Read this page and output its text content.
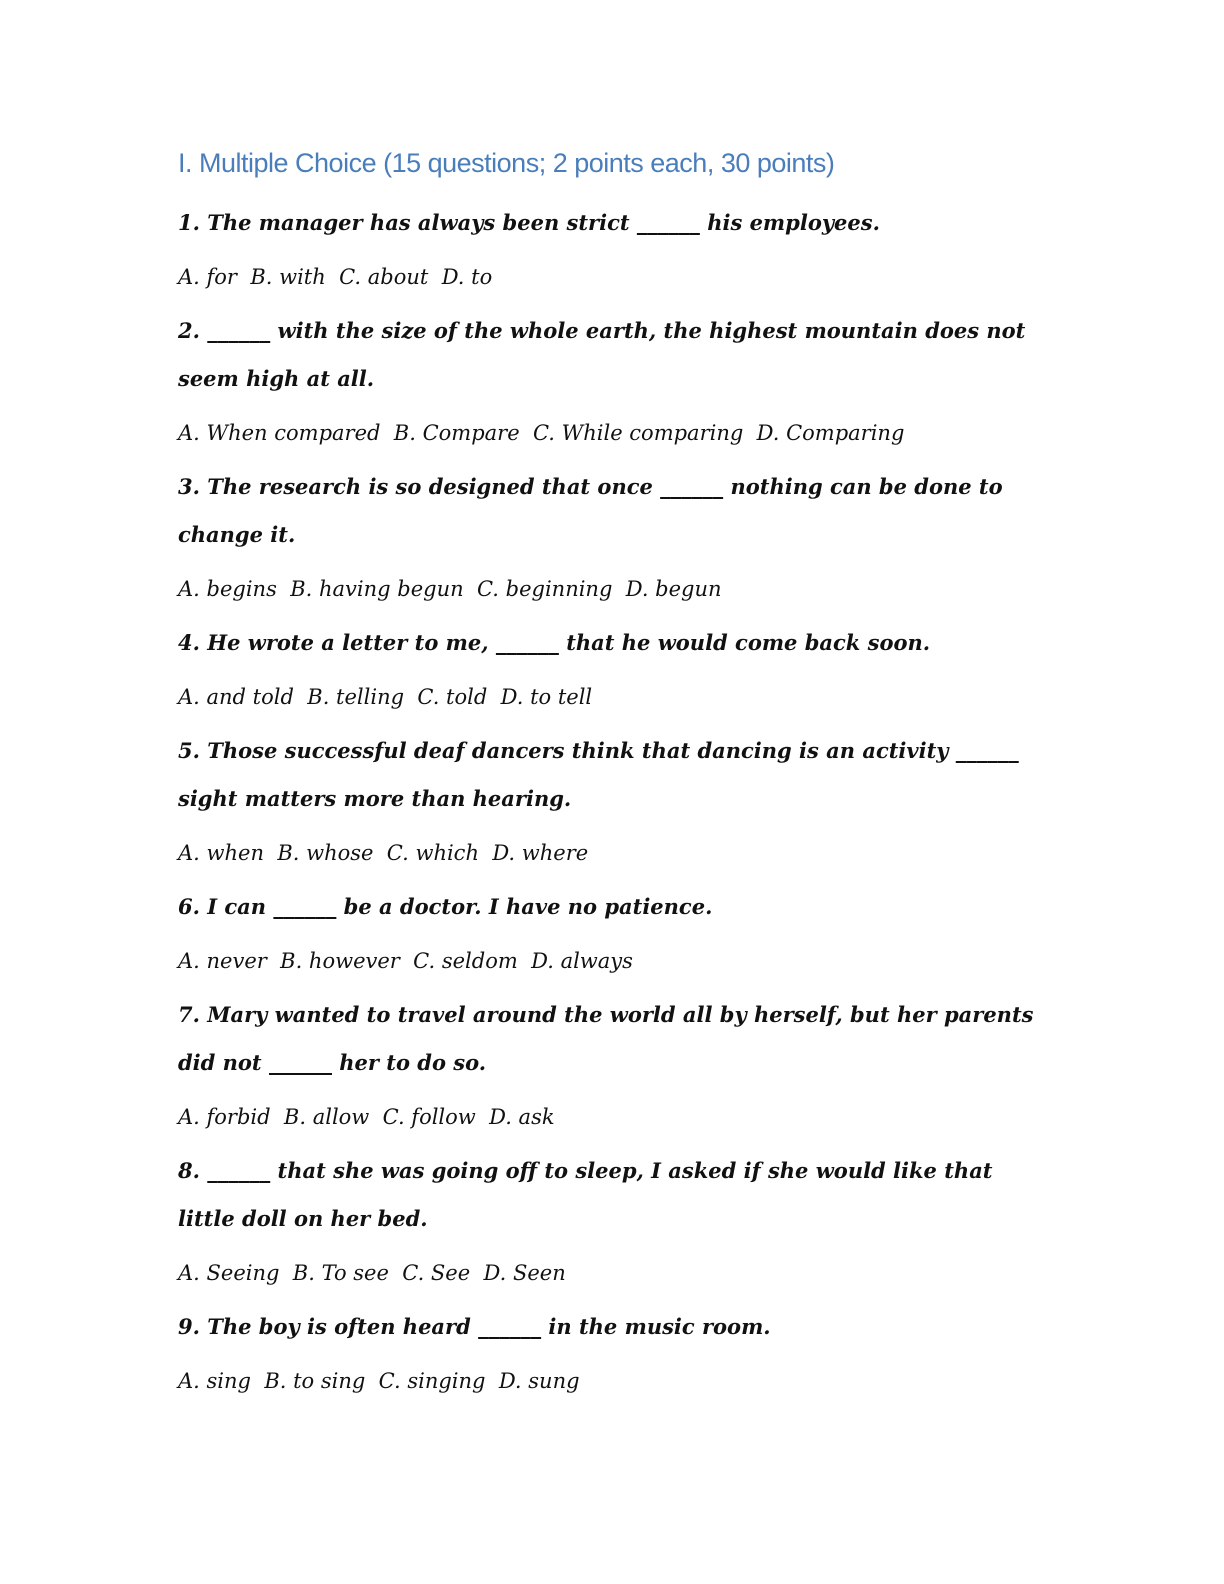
I. Multiple Choice (15 questions; 2 points each, 30 points)

1. The manager has always been strict ______ his employees.

A. for  B. with  C. about  D. to

2. ______ with the size of the whole earth, the highest mountain does not seem high at all.

A. When compared  B. Compare  C. While comparing  D. Comparing

3. The research is so designed that once ______ nothing can be done to change it.

A. begins  B. having begun  C. beginning  D. begun

4. He wrote a letter to me, ______ that he would come back soon.

A. and told  B. telling  C. told  D. to tell

5. Those successful deaf dancers think that dancing is an activity ______ sight matters more than hearing.

A. when  B. whose  C. which  D. where

6. I can ______ be a doctor. I have no patience.

A. never  B. however  C. seldom  D. always

7. Mary wanted to travel around the world all by herself, but her parents did not ______ her to do so.

A. forbid  B. allow  C. follow  D. ask

8. ______ that she was going off to sleep, I asked if she would like that little doll on her bed.

A. Seeing  B. To see  C. See  D. Seen

9. The boy is often heard ______ in the music room.

A. sing  B. to sing  C. singing  D. sung
